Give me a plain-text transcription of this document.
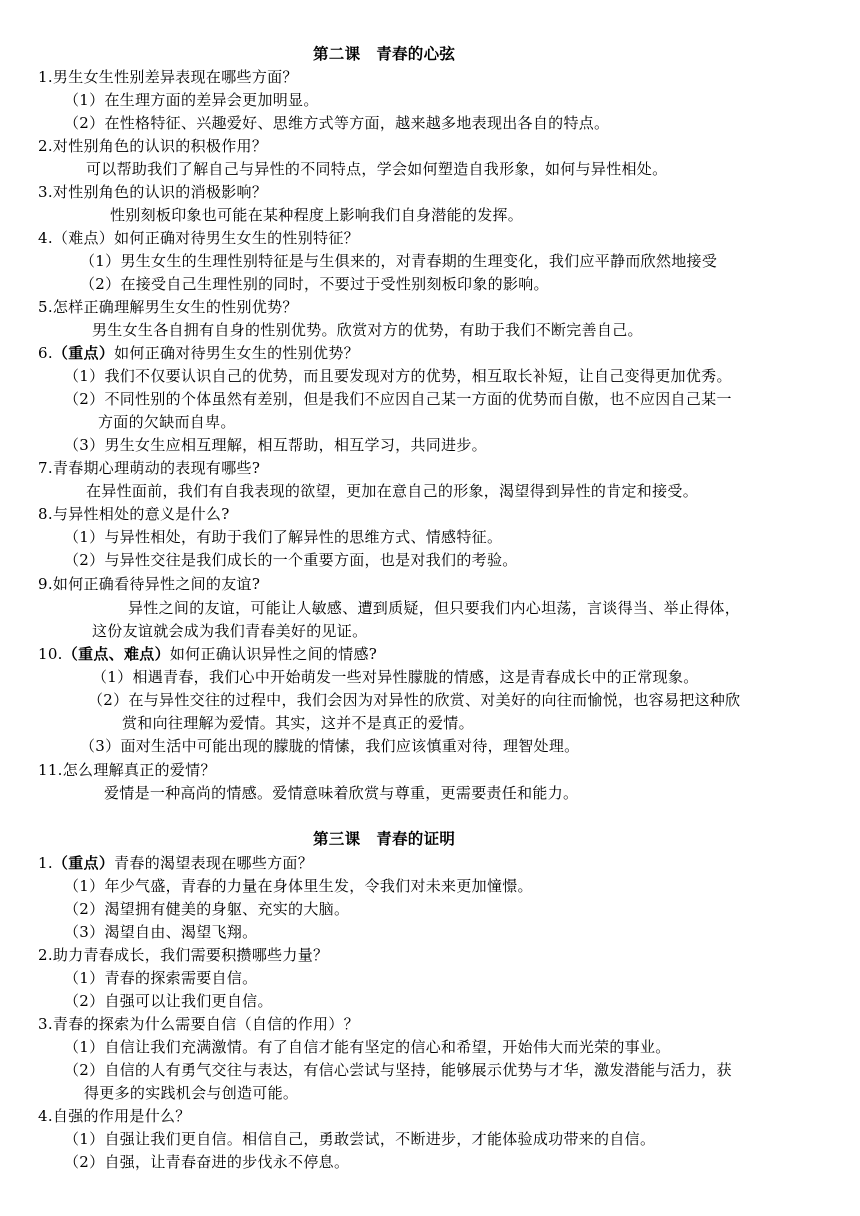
第二课　青春的心弦
1.男生女生性别差异表现在哪些方面？
（1）在生理方面的差异会更加明显。
（2）在性格特征、兴趣爱好、思维方式等方面，越来越多地表现出各自的特点。
2.对性别角色的认识的积极作用？
可以帮助我们了解自己与异性的不同特点，学会如何塑造自我形象，如何与异性相处。
3.对性别角色的认识的消极影响？
性别刻板印象也可能在某种程度上影响我们自身潜能的发挥。
4.（难点）如何正确对待男生女生的性别特征？
（1）男生女生的生理性别特征是与生俱来的，对青春期的生理变化，我们应平静而欣然地接受
（2）在接受自己生理性别的同时，不要过于受性别刻板印象的影响。
5.怎样正确理解男生女生的性别优势？
男生女生各自拥有自身的性别优势。欣赏对方的优势，有助于我们不断完善自己。
6.（重点）如何正确对待男生女生的性别优势？
（1）我们不仅要认识自己的优势，而且要发现对方的优势，相互取长补短，让自己变得更加优秀。
（2）不同性别的个体虽然有差别，但是我们不应因自己某一方面的优势而自傲，也不应因自己某一
方面的欠缺而自卑。
（3）男生女生应相互理解，相互帮助，相互学习，共同进步。
7.青春期心理萌动的表现有哪些?
在异性面前，我们有自我表现的欲望，更加在意自己的形象，渴望得到异性的肯定和接受。
8.与异性相处的意义是什么?
（1）与异性相处，有助于我们了解异性的思维方式、情感特征。
（2）与异性交往是我们成长的一个重要方面，也是对我们的考验。
9.如何正确看待异性之间的友谊?
异性之间的友谊，可能让人敏感、遭到质疑，但只要我们内心坦荡，言谈得当、举止得体，
这份友谊就会成为我们青春美好的见证。
10.（重点、难点）如何正确认识异性之间的情感?
（1）相遇青春，我们心中开始萌发一些对异性朦胧的情感，这是青春成长中的正常现象。
（2）在与异性交往的过程中，我们会因为对异性的欣赏、对美好的向往而愉悦，也容易把这种欣
赏和向往理解为爱情。其实，这并不是真正的爱情。
（3）面对生活中可能出现的朦胧的情愫，我们应该慎重对待，理智处理。
11.怎么理解真正的爱情？
爱情是一种高尚的情感。爱情意味着欣赏与尊重，更需要责任和能力。
第三课　青春的证明
1.（重点）青春的渴望表现在哪些方面？
（1）年少气盛，青春的力量在身体里生发，令我们对未来更加憧憬。
（2）渴望拥有健美的身躯、充实的大脑。
（3）渴望自由、渴望飞翔。
2.助力青春成长，我们需要积攒哪些力量？
（1）青春的探索需要自信。
（2）自强可以让我们更自信。
3.青春的探索为什么需要自信（自信的作用）？
（1）自信让我们充满激情。有了自信才能有坚定的信心和希望，开始伟大而光荣的事业。
（2）自信的人有勇气交往与表达，有信心尝试与坚持，能够展示优势与才华，激发潜能与活力，获
得更多的实践机会与创造可能。
4.自强的作用是什么？
（1）自强让我们更自信。相信自己，勇敢尝试，不断进步，才能体验成功带来的自信。
（2）自强，让青春奋进的步伐永不停息。
